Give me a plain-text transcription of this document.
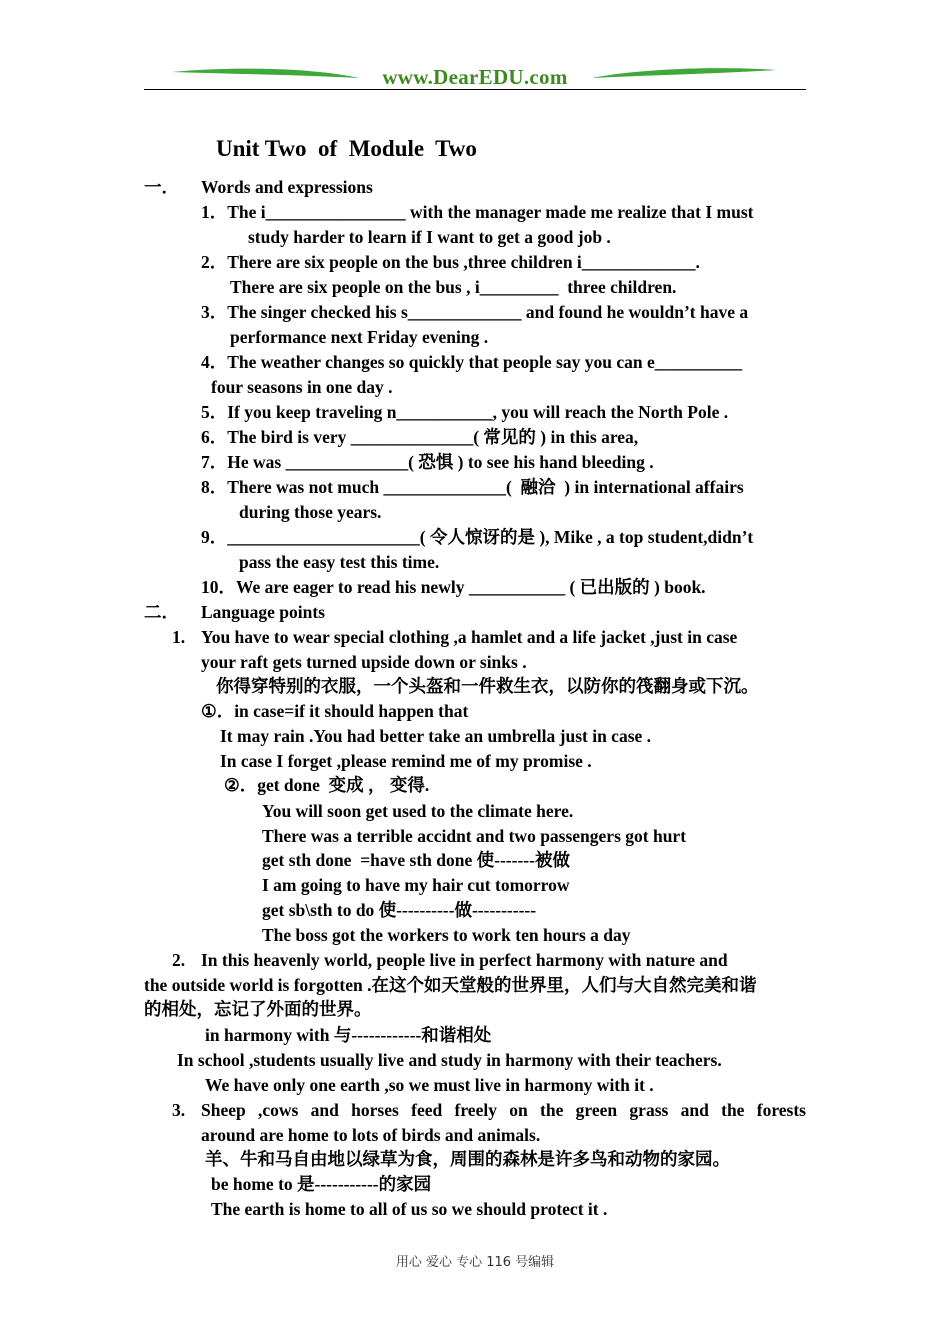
www.DearEDU.com
Unit Two  of  Module  Two
一． Words and expressions
1．The i________________ with the manager made me realize that I must
study harder to learn if I want to get a good job .
2．There are six people on the bus ,three children i_____________.
There are six people on the bus , i_________  three children.
3．The singer checked his s_____________ and found he wouldn’t have a
performance next Friday evening .
4．The weather changes so quickly that people say you can e__________
four seasons in one day .
5．If you keep traveling n___________, you will reach the North Pole .
6．The bird is very ______________( 常见的 ) in this area,
7．He was ______________( 恐惧 ) to see his hand bleeding .
8．There was not much ______________(  融洽  ) in international affairs
during those years.
9．______________________( 令人惊讶的是 ), Mike , a top student,didn’t
pass the easy test this time.
10．We are eager to read his newly ___________ ( 已出版的 ) book.
二． Language points
1. You have to wear special clothing ,a hamlet and a life jacket ,just in case
your raft gets turned upside down or sinks .
你得穿特别的衣服，一个头盔和一件救生衣，以防你的筏翻身或下沉。
①．in case=if it should happen that
It may rain .You had better take an umbrella just in case .
In case I forget ,please remind me of my promise .
②．get done  变成 ， 变得.
You will soon get used to the climate here.
There was a terrible accidnt and two passengers got hurt
get sth done  =have sth done 使-------被做
I am going to have my hair cut tomorrow
get sb\sth to do 使----------做-----------
The boss got the workers to work ten hours a day
2. In this heavenly world, people live in perfect harmony with nature and
the outside world is forgotten .在这个如天堂般的世界里，人们与大自然完美和谐
的相处，忘记了外面的世界。
in harmony with 与------------和谐相处
In school ,students usually live and study in harmony with their teachers.
We have only one earth ,so we must live in harmony with it .
3. Sheep ,cows and horses feed freely on the green grass and the forests
around are home to lots of birds and animals.
羊、牛和马自由地以绿草为食，周围的森林是许多鸟和动物的家园。
be home to 是-----------的家园
The earth is home to all of us so we should protect it .
用心 爱心 专心 116 号编辑
